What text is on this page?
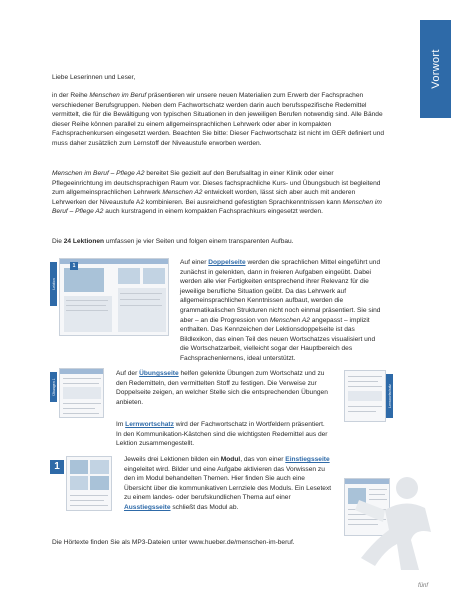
Vorwort

Liebe Leserinnen und Leser,

in der Reihe Menschen im Beruf präsentieren wir unsere neuen Materialien zum Erwerb der Fachsprachen verschiedener Berufsgruppen. Neben dem Fachwortschatz werden darin auch berufsspezifische Redemittel vermittelt, die für die Bewältigung von typischen Situationen in den jeweiligen Berufen notwendig sind. Alle Bände dieser Reihe können parallel zu einem allgemeinsprachlichen Lehrwerk oder aber in kompakten Fachsprachenkursen eingesetzt werden. Beachten Sie bitte: Dieser Fachwortschatz ist nicht im GER definiert und muss daher zusätzlich zum Lernstoff der Niveaustufe erworben werden.

Menschen im Beruf – Pflege A2 bereitet Sie gezielt auf den Berufsalltag in einer Klinik oder einer Pflegeeinrichtung im deutschsprachigen Raum vor. Dieses fachsprachliche Kurs- und Übungsbuch ist begleitend zum allgemeinsprachlichen Lehrwerk Menschen A2 entwickelt worden, lässt sich aber auch mit anderen Lehrwerken der Niveaustufe A2 kombinieren. Bei ausreichend gefestigten Sprachkenntnissen kann Menschen im Beruf – Pflege A2 auch kurstragend in einem kompakten Fachsprachkurs eingesetzt werden.

Die 24 Lektionen umfassen je vier Seiten und folgen einem transparenten Aufbau.

Lektion
1	Auf einer Doppelseite werden die sprachlichen Mittel eingeführt und zunächst in gelenkten, dann in freieren Aufgaben eingeübt. Dabei werden alle vier Fertigkeiten entsprechend ihrer Relevanz für die jeweilige berufliche Situation geübt. Da das Lehrwerk auf allgemeinsprachlichen Kenntnissen aufbaut, werden die grammatikalischen Strukturen nicht noch einmal präsentiert. Sie sind aber – an die Progression von Menschen A2 angepasst – implizit enthalten. Das Kennzeichen der Lektionsdoppelseite ist das Bildlexikon, das einen Teil des neuen Wortschatzes visualisiert und die Wortschatzarbeit, vielleicht sogar der Hauptbereich des Fachsprachenlernens, ideal unterstützt.

Übungen 1

Auf der Übungsseite helfen gelenkte Übungen zum Wortschatz und zu den Redemitteln, den vermittelten Stoff zu festigen. Die Verweise zur Doppelseite zeigen, an welcher Stelle sich die entsprechenden Übungen anbieten.

Im Lernwortschatz wird der Fachwortschatz in Wortfeldern präsentiert. In den Kommunikation-Kästchen sind die wichtigsten Redemittel aus der Lektion zusammengestellt.

Lernwortschatz
1

Jeweils drei Lektionen bilden ein Modul, das von einer Einstiegsseite eingeleitet wird. Bilder und eine Aufgabe aktivieren das Vorwissen zu den im Modul behandelten Themen. Hier finden Sie auch eine Übersicht über die kommunikativen Lernziele des Moduls. Ein Lesetext zu einem landes- oder berufskundlichen Thema auf einer Ausstiegsseite schließt das Modul ab.

Die Hörtexte finden Sie als MP3-Dateien unter www.hueber.de/menschen-im-beruf.

fünf
